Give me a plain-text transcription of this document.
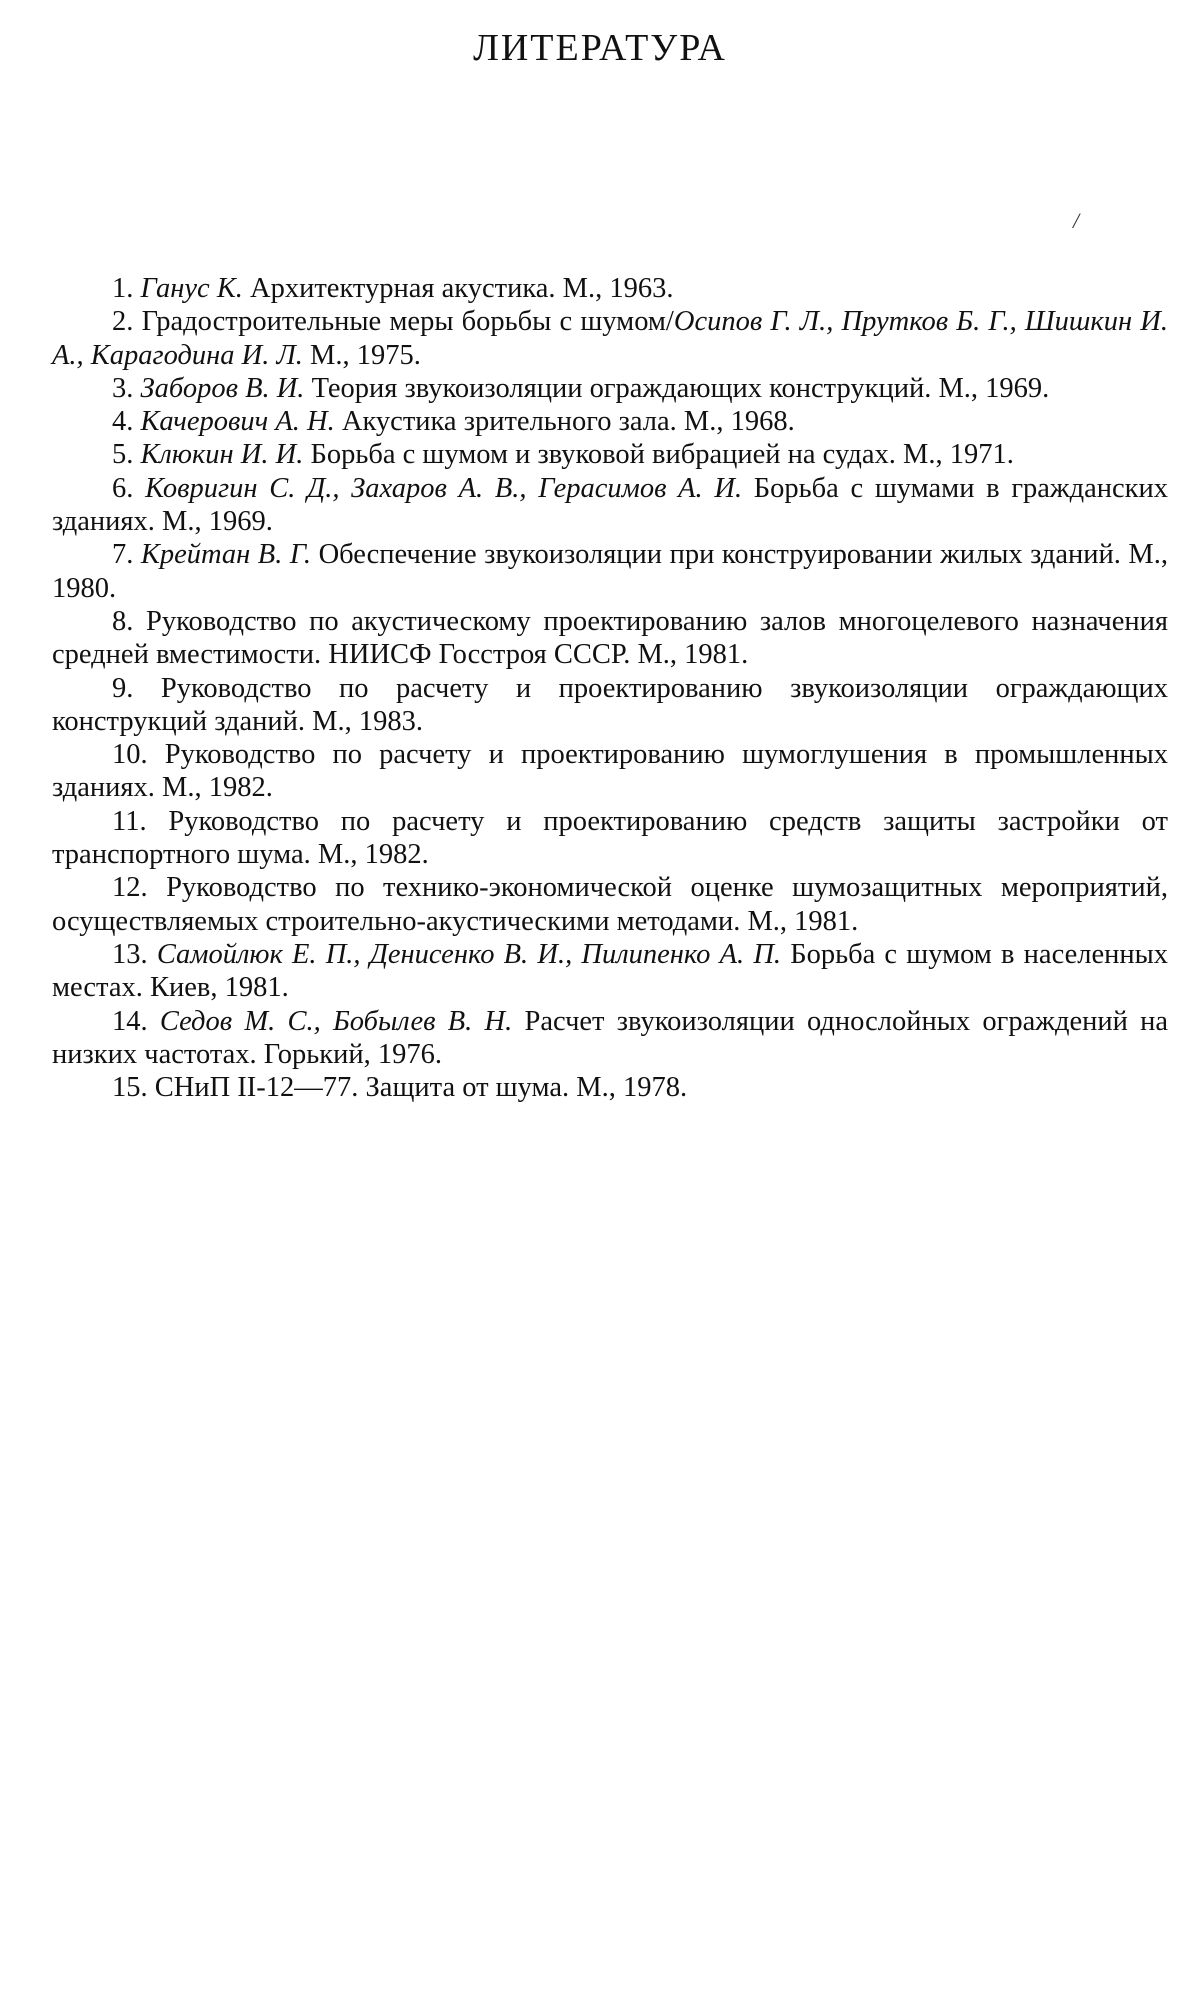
ЛИТЕРАТУРА
/
1. Ганус К. Архитектурная акустика. М., 1963.
2. Градостроительные меры борьбы с шумом/Осипов Г. Л., Прутков Б. Г., Шишкин И. А., Карагодина И. Л. М., 1975.
3. Заборов В. И. Теория звукоизоляции ограждающих конструкций. М., 1969.
4. Качерович А. Н. Акустика зрительного зала. М., 1968.
5. Клюкин И. И. Борьба с шумом и звуковой вибрацией на судах. М., 1971.
6. Ковригин С. Д., Захаров А. В., Герасимов А. И. Борьба с шумами в гражданских зданиях. М., 1969.
7. Крейтан В. Г. Обеспечение звукоизоляции при конструировании жилых зданий. М., 1980.
8. Руководство по акустическому проектированию залов многоцелевого назначения средней вместимости. НИИСФ Госстроя СССР. М., 1981.
9. Руководство по расчету и проектированию звукоизоляции ограждающих конструкций зданий. М., 1983.
10. Руководство по расчету и проектированию шумоглушения в промышленных зданиях. М., 1982.
11. Руководство по расчету и проектированию средств защиты застройки от транспортного шума. М., 1982.
12. Руководство по технико-экономической оценке шумозащитных мероприятий, осуществляемых строительно-акустическими методами. М., 1981.
13. Самойлюк Е. П., Денисенко В. И., Пилипенко А. П. Борьба с шумом в населенных местах. Киев, 1981.
14. Седов М. С., Бобылев В. Н. Расчет звукоизоляции однослойных ограждений на низких частотах. Горький, 1976.
15. СНиП II-12—77. Защита от шума. М., 1978.
